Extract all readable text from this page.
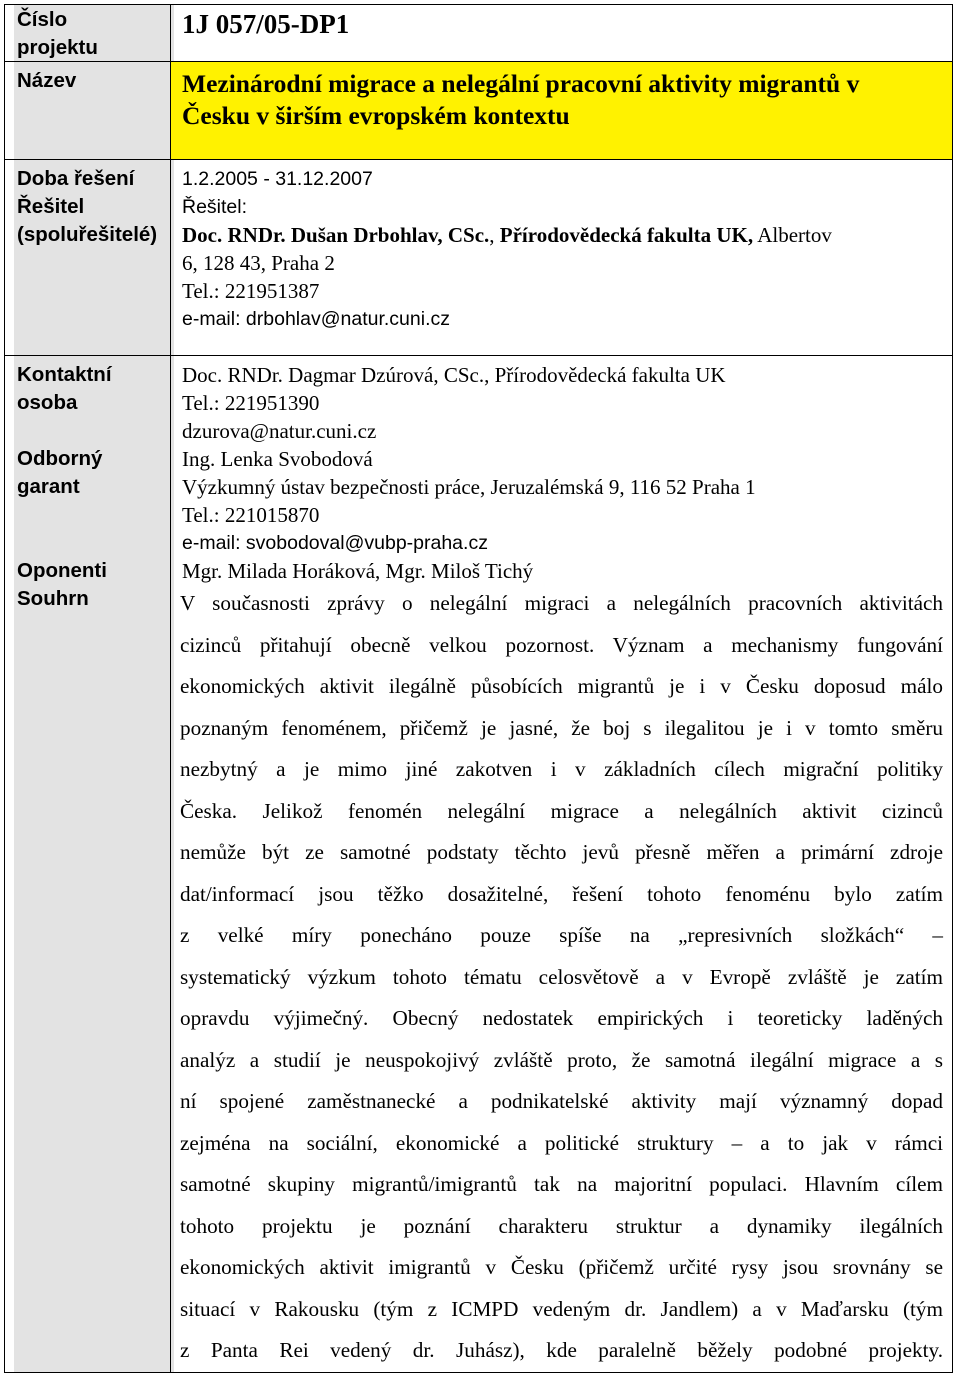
Číslo
projektu
Název
Doba řešení
Řešitel
(spoluřešitelé)
Kontaktní
osoba
Odborný
garant
Oponenti
Souhrn
1J 057/05-DP1
Mezinárodní migrace a nelegální pracovní aktivity migrantů v
Česku v širším evropském kontextu
1.2.2005 - 31.12.2007
Řešitel:
Doc. RNDr. Dušan Drbohlav, CSc., Přírodovědecká fakulta UK, Albertov
6, 128 43, Praha 2
Tel.: 221951387
e-mail: drbohlav@natur.cuni.cz
Doc. RNDr. Dagmar Dzúrová, CSc., Přírodovědecká fakulta UK
Tel.: 221951390
dzurova@natur.cuni.cz
Ing. Lenka Svobodová
Výzkumný ústav bezpečnosti práce, Jeruzalémská 9, 116 52 Praha 1
Tel.: 221015870
e-mail: svobodoval@vubp-praha.cz
Mgr. Milada Horáková, Mgr. Miloš Tichý
V současnosti zprávy o nelegální migraci a nelegálních pracovních aktivitách
cizinců přitahují obecně velkou pozornost. Význam a mechanismy fungování
ekonomických aktivit ilegálně působících migrantů je i v Česku doposud málo
poznaným fenoménem, přičemž je jasné, že boj s ilegalitou je i v tomto směru
nezbytný a je mimo jiné zakotven i v základních cílech migrační politiky
Česka. Jelikož fenomén nelegální migrace a nelegálních aktivit cizinců
nemůže být ze samotné podstaty těchto jevů přesně měřen a primární zdroje
dat/informací jsou těžko dosažitelné, řešení tohoto fenoménu bylo zatím
z velké míry ponecháno pouze spíše na „represivních složkách“ –
systematický výzkum tohoto tématu celosvětově a v Evropě zvláště je zatím
opravdu výjimečný. Obecný nedostatek empirických i teoreticky laděných
analýz a studií je neuspokojivý zvláště proto, že samotná ilegální migrace a s
ní spojené zaměstnanecké a podnikatelské aktivity mají významný dopad
zejména na sociální, ekonomické a politické struktury – a to jak v rámci
samotné skupiny migrantů/imigrantů tak na majoritní populaci. Hlavním cílem
tohoto projektu je poznání charakteru struktur a dynamiky ilegálních
ekonomických aktivit imigrantů v Česku (přičemž určité rysy jsou srovnány se
situací v Rakousku (tým z ICMPD vedeným dr. Jandlem) a v Maďarsku (tým
z Panta Rei vedený dr. Juhász), kde paralelně běžely podobné projekty.
